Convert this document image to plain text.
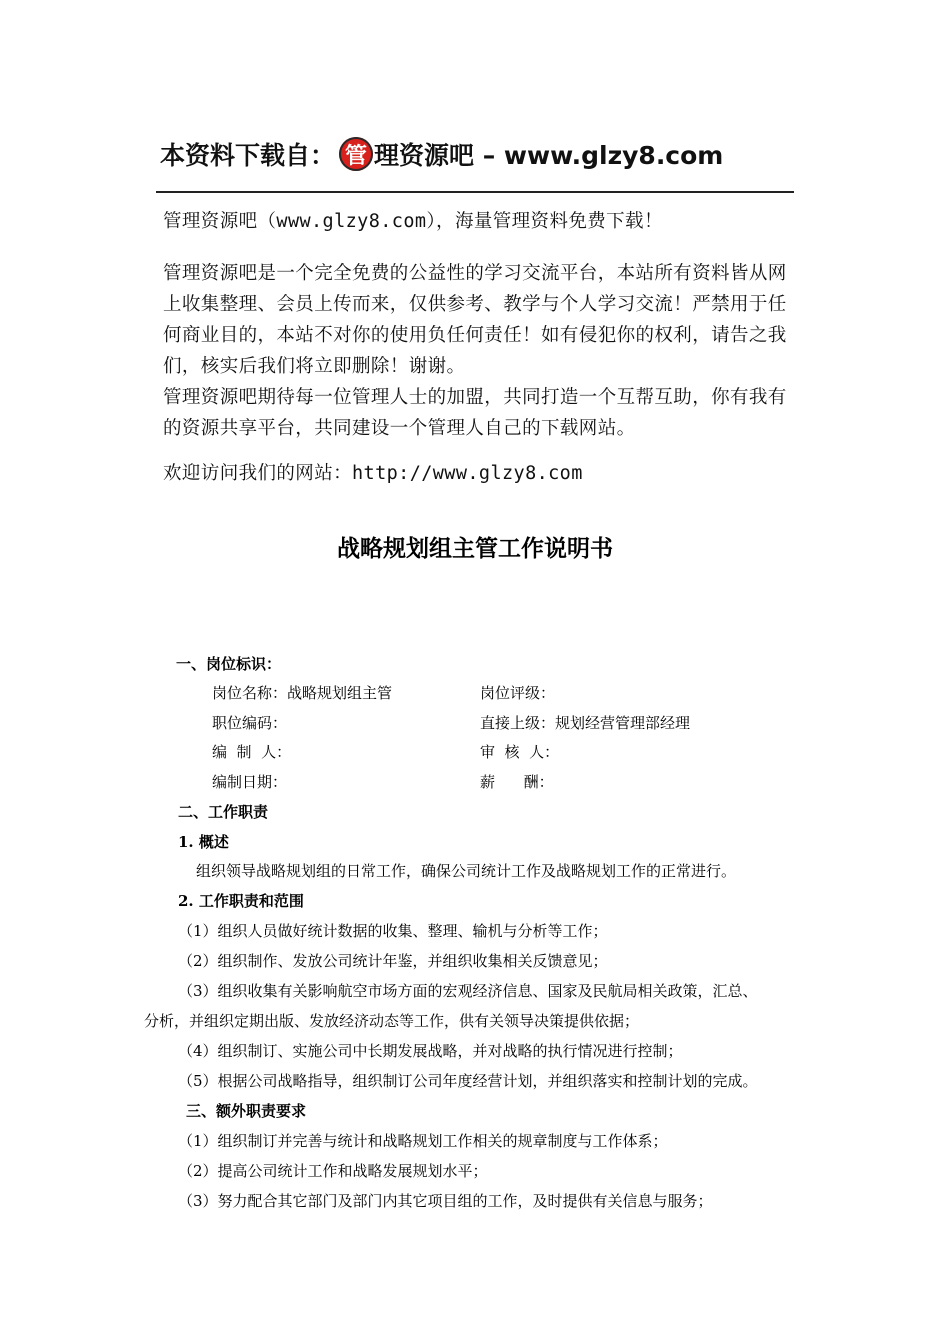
本资料下载自： 管 理资源吧 – www.glzy8.com

管理资源吧（www.glzy8.com），海量管理资料免费下载！

管理资源吧是一个完全免费的公益性的学习交流平台，本站所有资料皆从网上收集整理、会员上传而来，仅供参考、教学与个人学习交流！严禁用于任何商业目的，本站不对你的使用负任何责任！如有侵犯你的权利，请告之我们，核实后我们将立即删除！谢谢。

管理资源吧期待每一位管理人士的加盟，共同打造一个互帮互助，你有我有的资源共享平台，共同建设一个管理人自己的下载网站。

欢迎访问我们的网站：http://www.glzy8.com

战略规划组主管工作说明书

一、岗位标识：

岗位名称：战略规划组主管	岗位评级：
职位编码：	直接上级：规划经营管理部经理
编  制  人：	审  核  人：
编制日期：	薪      酬：

二、工作职责

1. 概述

组织领导战略规划组的日常工作，确保公司统计工作及战略规划工作的正常进行。

2. 工作职责和范围

（1）组织人员做好统计数据的收集、整理、输机与分析等工作；

（2）组织制作、发放公司统计年鉴，并组织收集相关反馈意见；

（3）组织收集有关影响航空市场方面的宏观经济信息、国家及民航局相关政策，汇总、

分析，并组织定期出版、发放经济动态等工作，供有关领导决策提供依据；

（4）组织制订、实施公司中长期发展战略，并对战略的执行情况进行控制；

（5）根据公司战略指导，组织制订公司年度经营计划，并组织落实和控制计划的完成。

三、额外职责要求

（1）组织制订并完善与统计和战略规划工作相关的规章制度与工作体系；

（2）提高公司统计工作和战略发展规划水平；

（3）努力配合其它部门及部门内其它项目组的工作，及时提供有关信息与服务；
